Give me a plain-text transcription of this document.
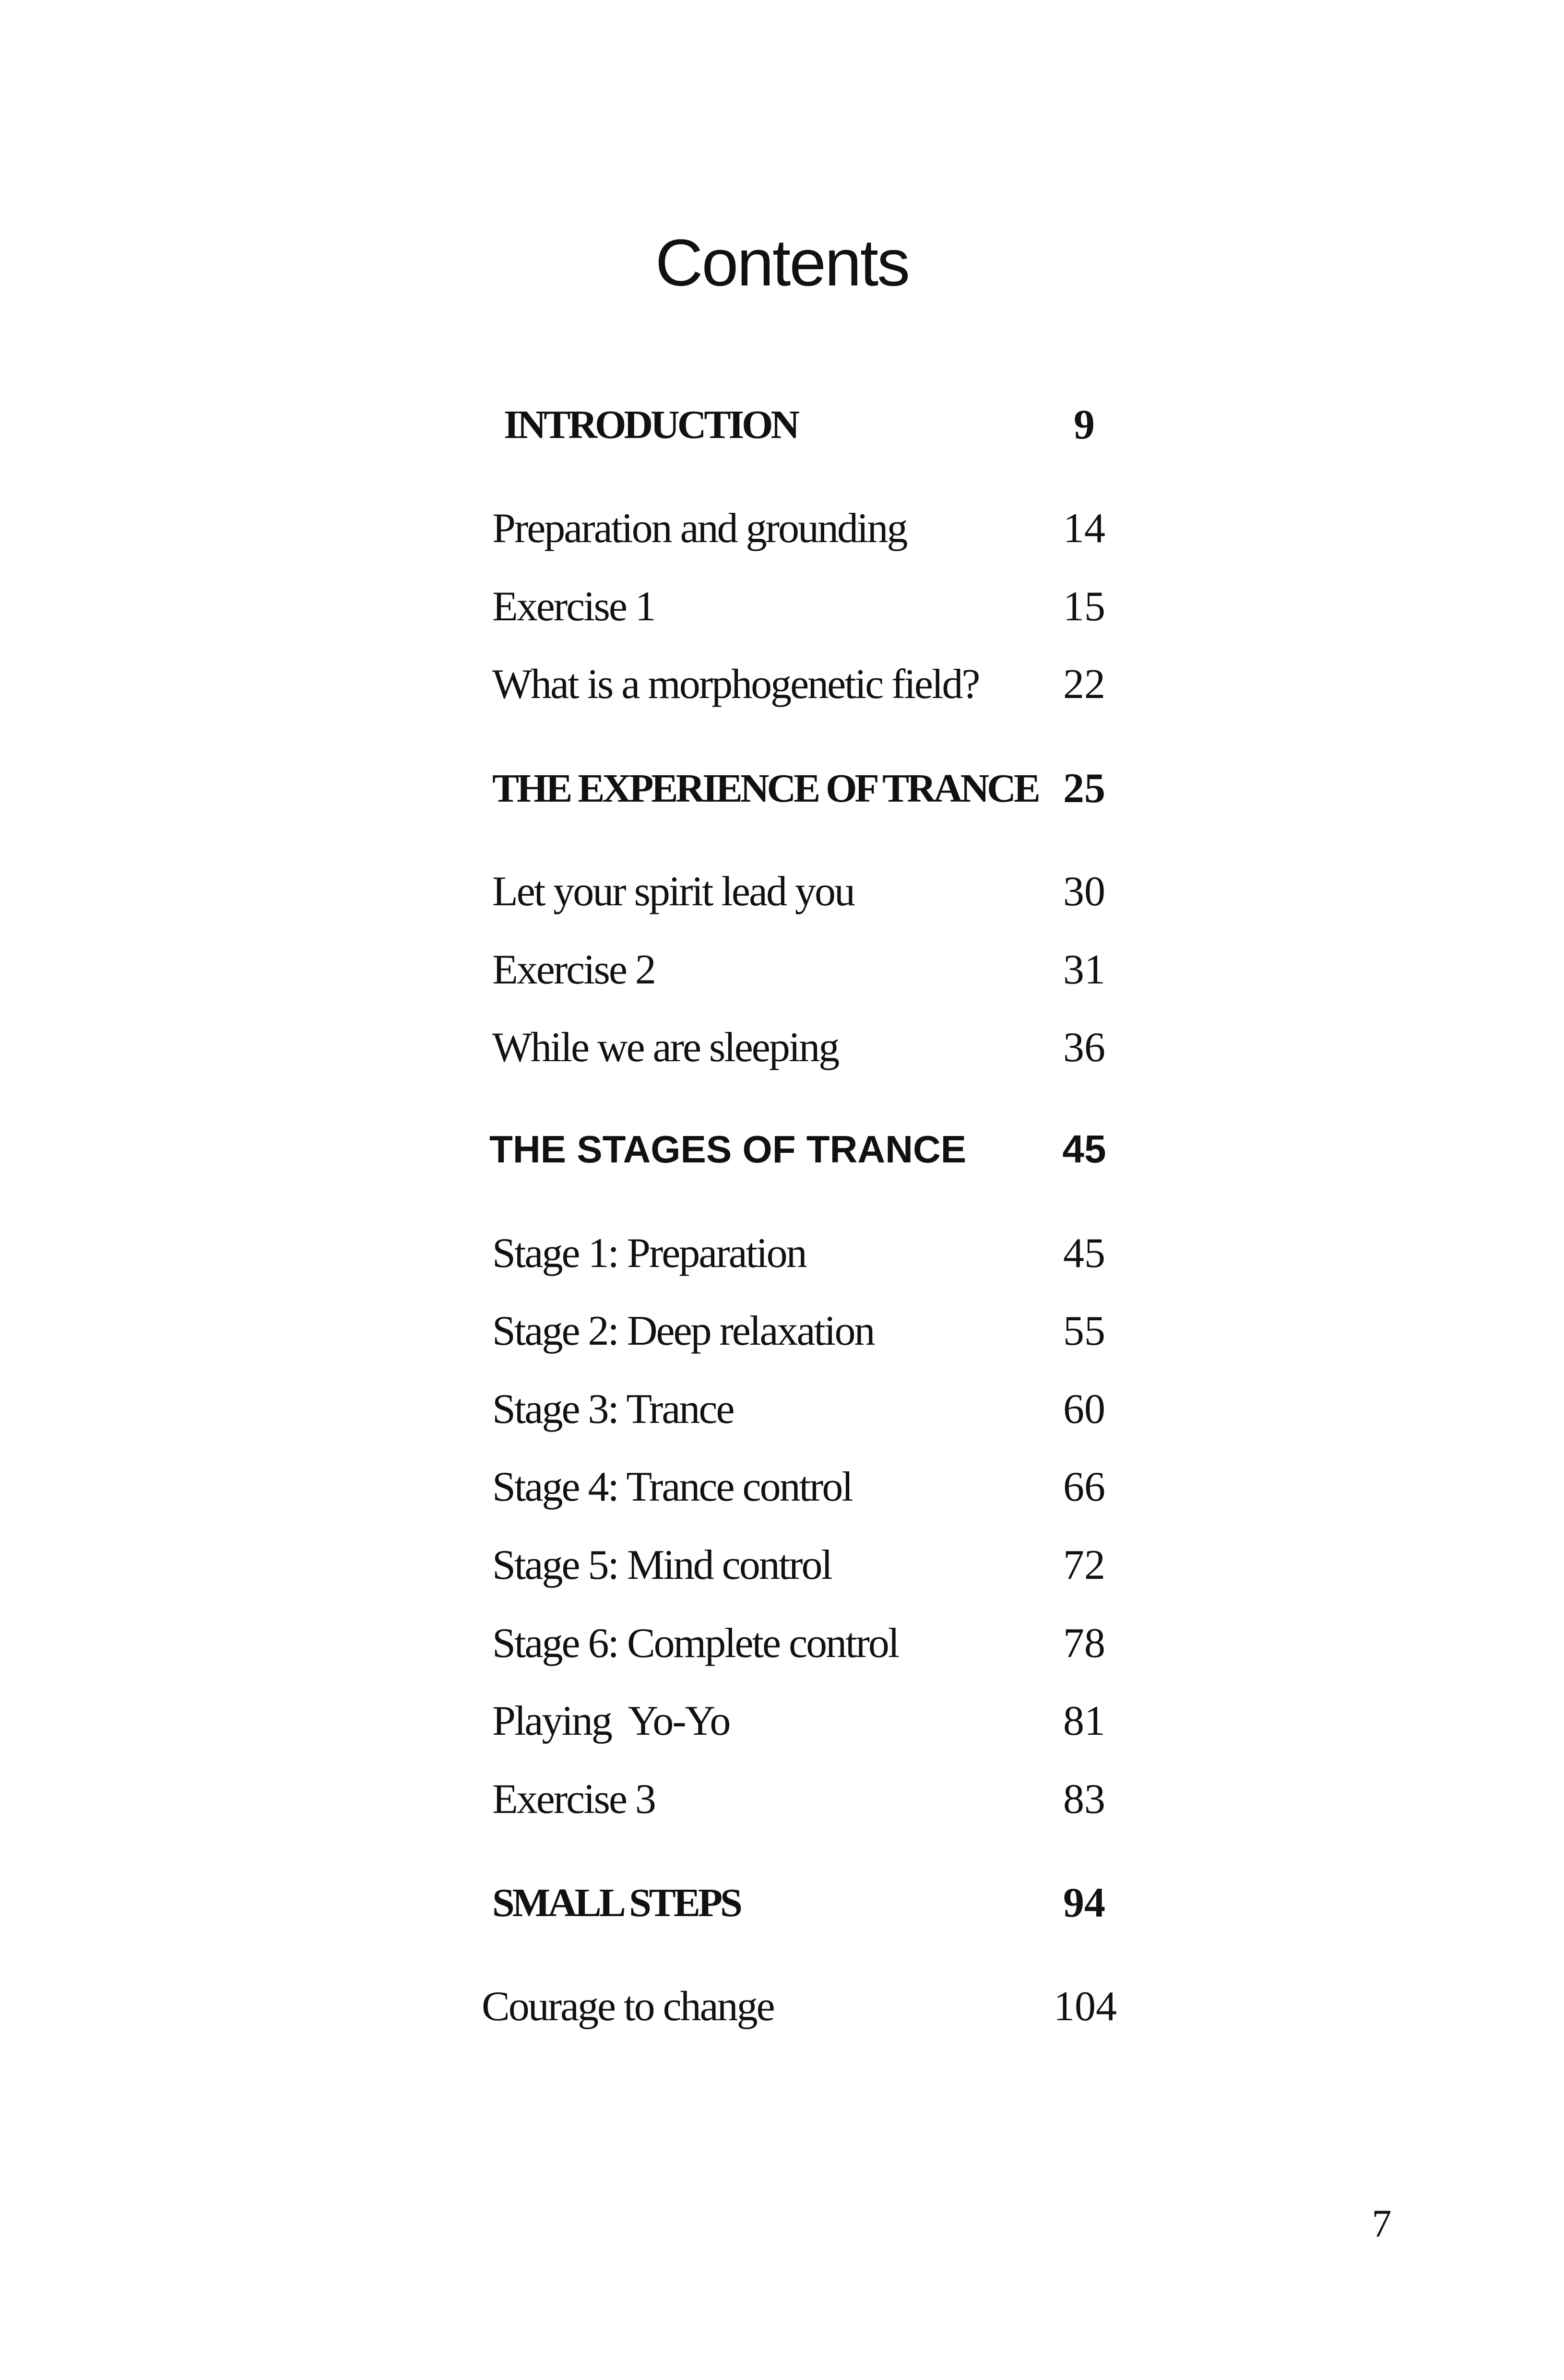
Contents
INTRODUCTION	9
Preparation and grounding	14
Exercise 1	15
What is a morphogenetic field?	22
THE EXPERIENCE OF TRANCE 25
Let your spirit lead you	30
Exercise 2	31
While we are sleeping	36
THE STAGES OF TRANCE	45
Stage 1: Preparation	45
Stage 2: Deep relaxation	55
Stage 3: Trance	60
Stage 4: Trance control	66
Stage 5: Mind control	72
Stage 6: Complete control	78
Playing  Yo-Yo	81
Exercise 3	83
SMALL STEPS	94
Courage to change	104
7
